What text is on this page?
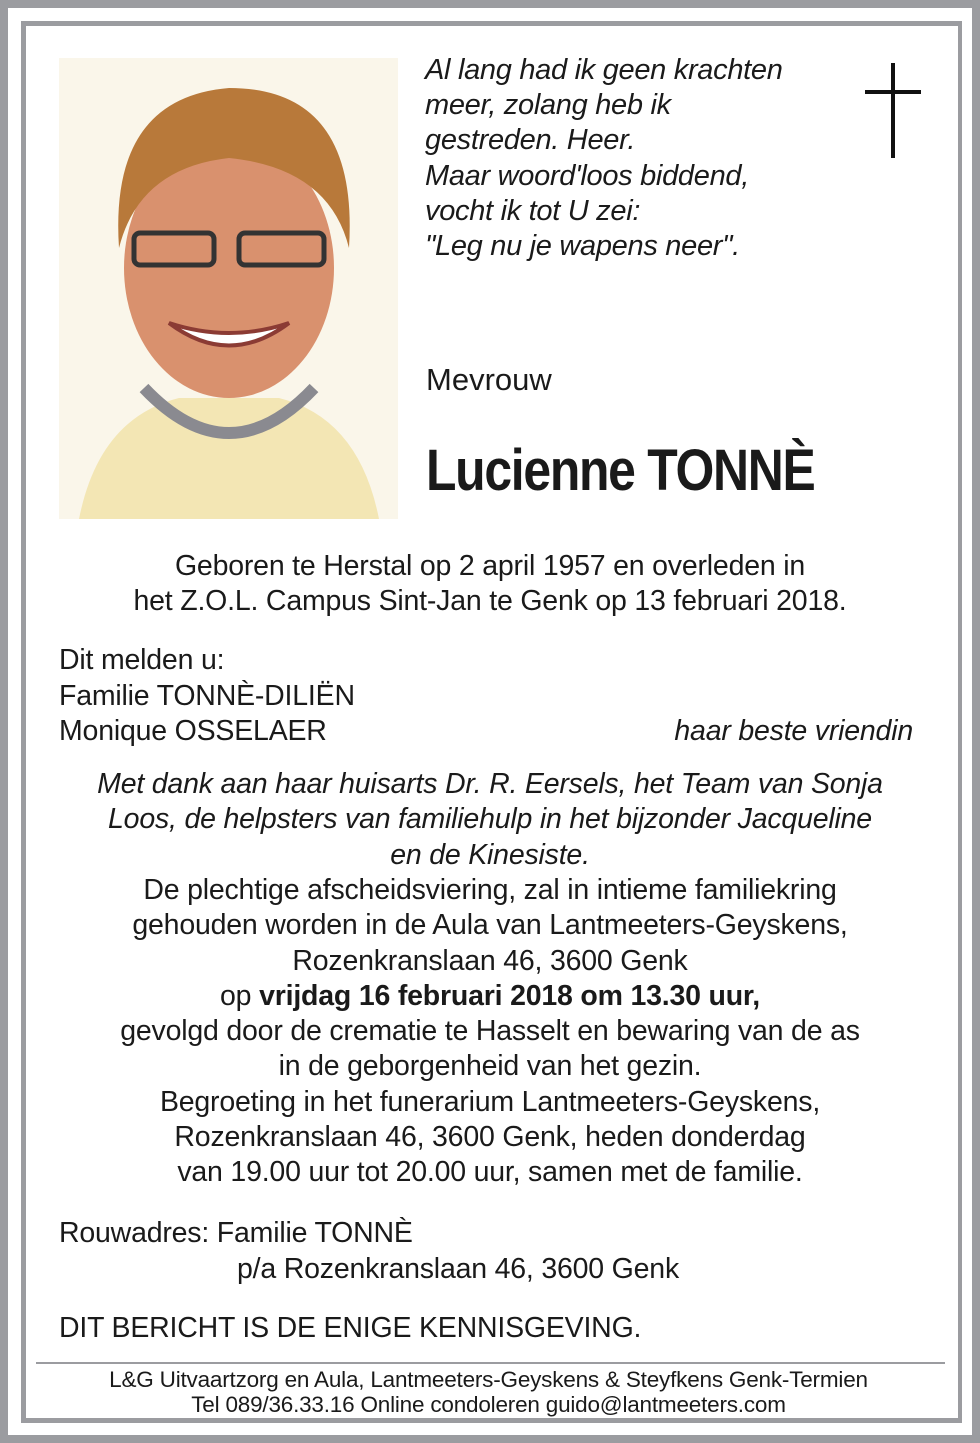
Al lang had ik geen krachten
meer, zolang heb ik
gestreden. Heer.
Maar woord'loos biddend,
vocht ik tot U zei:
"Leg nu je wapens neer".
Mevrouw
Lucienne TONNÈ
Geboren te Herstal op 2 april 1957 en overleden in
het Z.O.L. Campus Sint-Jan te Genk op 13 februari 2018.
Dit melden u:
Familie TONNÈ-DILIËN
Monique OSSELAER	haar beste vriendin
Met dank aan haar huisarts Dr. R. Eersels, het Team van Sonja
Loos, de helpsters van familiehulp in het bijzonder Jacqueline
en de Kinesiste.
De plechtige afscheidsviering, zal in intieme familiekring
gehouden worden in de Aula van Lantmeeters-Geyskens,
Rozenkranslaan 46, 3600 Genk
op vrijdag 16 februari 2018 om 13.30 uur,
gevolgd door de crematie te Hasselt en bewaring van de as
in de geborgenheid van het gezin.
Begroeting in het funerarium Lantmeeters-Geyskens,
Rozenkranslaan 46, 3600 Genk, heden donderdag
van 19.00 uur tot 20.00 uur, samen met de familie.
Rouwadres: Familie TONNÈ
p/a Rozenkranslaan 46, 3600 Genk
DIT BERICHT IS DE ENIGE KENNISGEVING.
L&G Uitvaartzorg en Aula, Lantmeeters-Geyskens & Steyfkens Genk-Termien
Tel 089/36.33.16 Online condoleren guido@lantmeeters.com
